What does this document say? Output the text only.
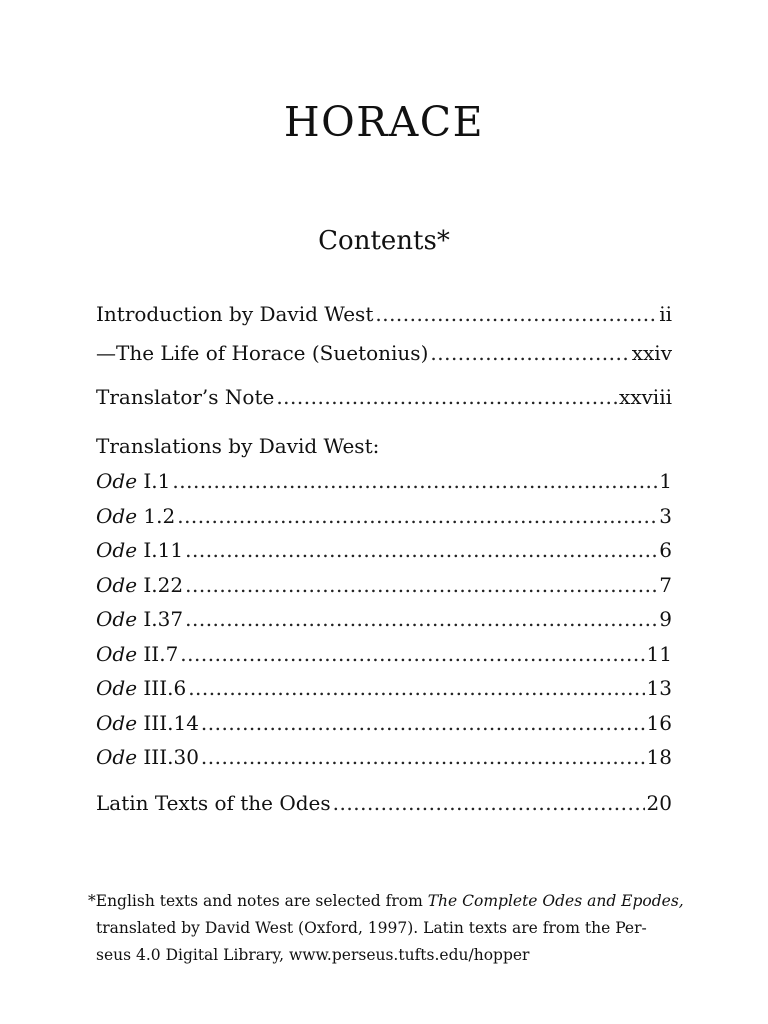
HORACE
Contents*
Introduction by David West .....	ii
—The Life of Horace (Suetonius) .....	xxiv
Translator’s Note .....	xxviii
Translations by David West:
Ode I.1 .....	1
Ode 1.2 .....	3
Ode I.11 .....	6
Ode I.22 .....	7
Ode I.37 .....	9
Ode II.7 .....	11
Ode III.6 .....	13
Ode III.14 .....	16
Ode III.30 .....	18
Latin Texts of the Odes .....	20
*English texts and notes are selected from The Complete Odes and Epodes,
translated by David West (Oxford, 1997). Latin texts are from the Per-
seus 4.0 Digital Library, www.perseus.tufts.edu/hopper
